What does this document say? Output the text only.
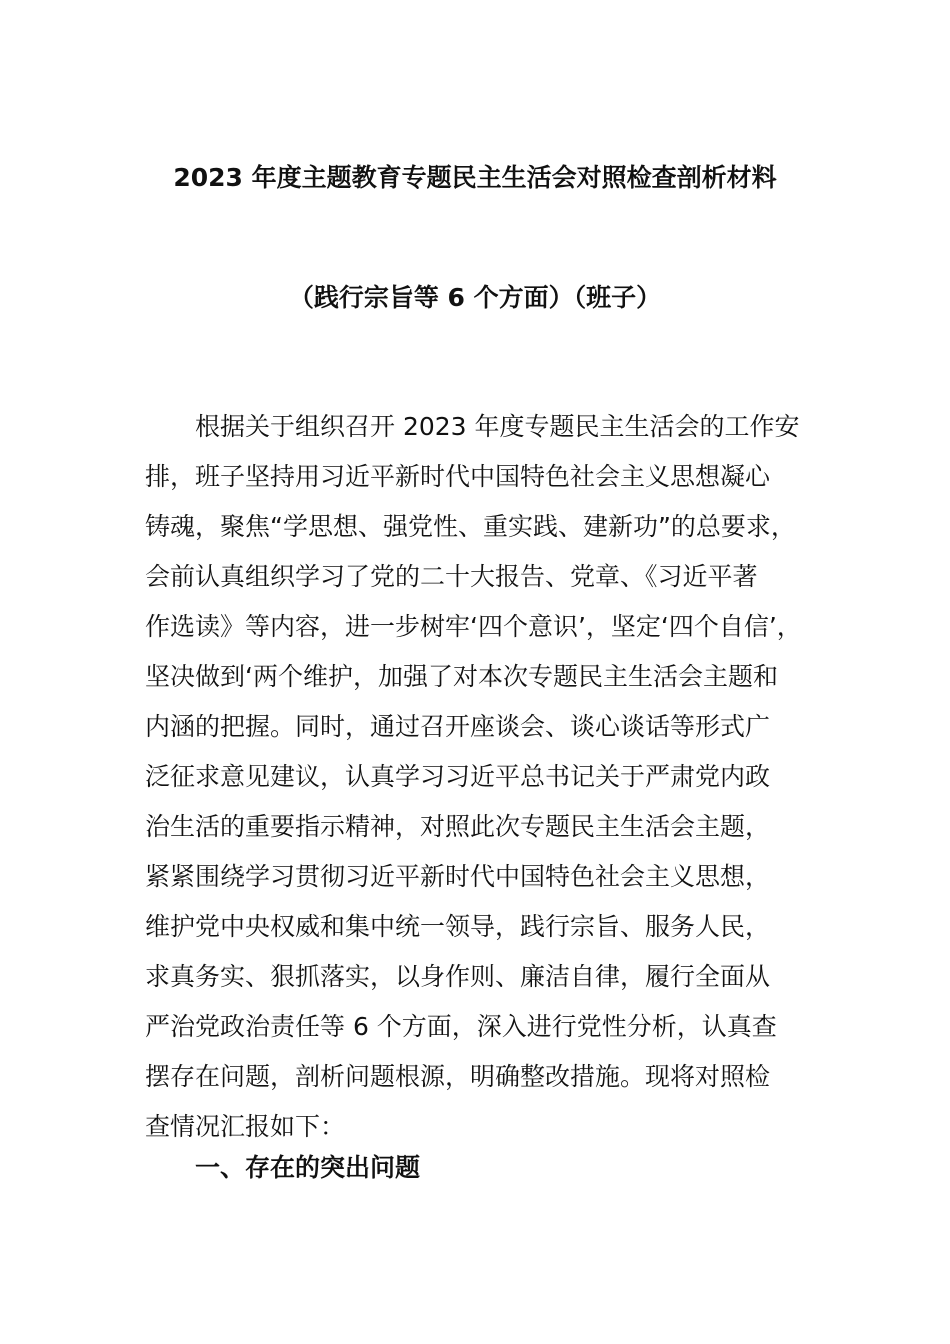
2023 年度主题教育专题民主生活会对照检查剖析材料
（践行宗旨等 6 个方面）（班子）
根据关于组织召开 2023 年度专题民主生活会的工作安
排，班子坚持用习近平新时代中国特色社会主义思想凝心
铸魂，聚焦“学思想、强党性、重实践、建新功”的总要求，
会前认真组织学习了党的二十大报告、党章、《习近平著
作选读》等内容，进一步树牢‘四个意识’，坚定‘四个自信’，
坚决做到‘两个维护，加强了对本次专题民主生活会主题和
内涵的把握。同时，通过召开座谈会、谈心谈话等形式广
泛征求意见建议，认真学习习近平总书记关于严肃党内政
治生活的重要指示精神，对照此次专题民主生活会主题，
紧紧围绕学习贯彻习近平新时代中国特色社会主义思想，
维护党中央权威和集中统一领导，践行宗旨、服务人民，
求真务实、狠抓落实，以身作则、廉洁自律，履行全面从
严治党政治责任等 6 个方面，深入进行党性分析，认真查
摆存在问题，剖析问题根源，明确整改措施。现将对照检
查情况汇报如下：
一、存在的突出问题
